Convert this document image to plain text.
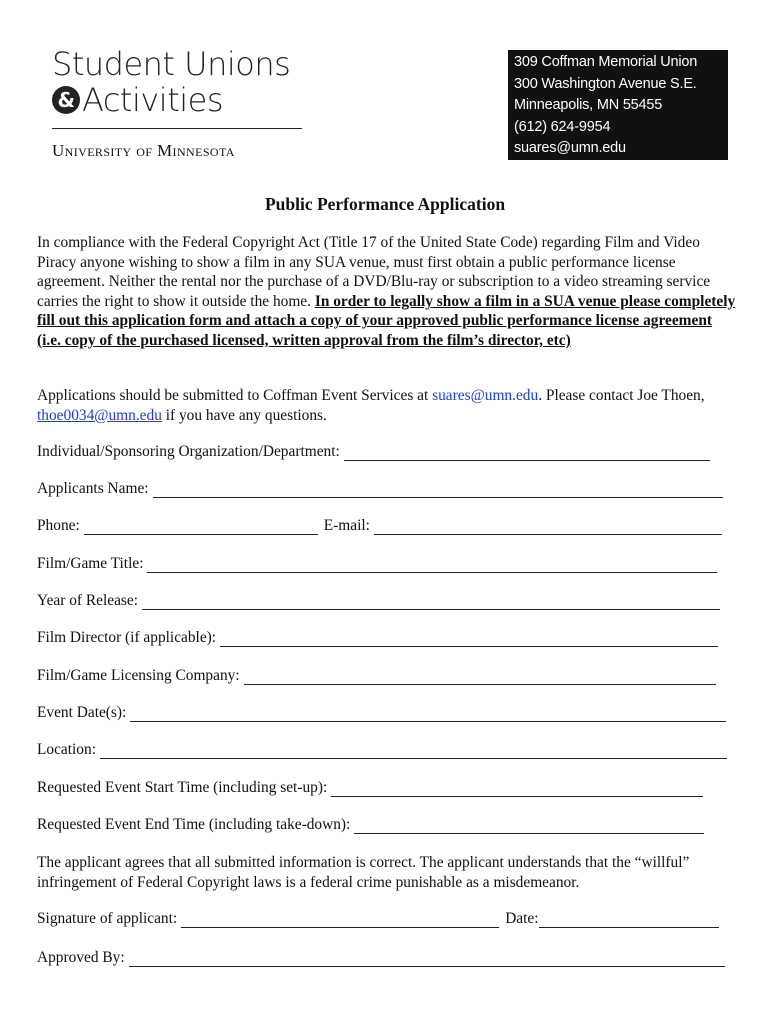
Student Unions
& Activities
University of Minnesota
309 Coffman Memorial Union
300 Washington Avenue S.E.
Minneapolis, MN 55455
(612) 624-9954
suares@umn.edu
Public Performance Application
In compliance with the Federal Copyright Act (Title 17 of the United State Code) regarding Film and Video Piracy anyone wishing to show a film in any SUA venue, must first obtain a public performance license agreement. Neither the rental nor the purchase of a DVD/Blu-ray or subscription to a video streaming service carries the right to show it outside the home. In order to legally show a film in a SUA venue please completely fill out this application form and attach a copy of your approved public performance license agreement (i.e. copy of the purchased licensed, written approval from the film’s director, etc)
Applications should be submitted to Coffman Event Services at suares@umn.edu. Please contact Joe Thoen, thoe0034@umn.edu if you have any questions.
Individual/Sponsoring Organization/Department:
Applicants Name:
Phone:	E-mail:
Film/Game Title:
Year of Release:
Film Director (if applicable):
Film/Game Licensing Company:
Event Date(s):
Location:
Requested Event Start Time (including set-up):
Requested Event End Time (including take-down):
The applicant agrees that all submitted information is correct. The applicant understands that the “willful” infringement of Federal Copyright laws is a federal crime punishable as a misdemeanor.
Signature of applicant:	Date:
Approved By:
